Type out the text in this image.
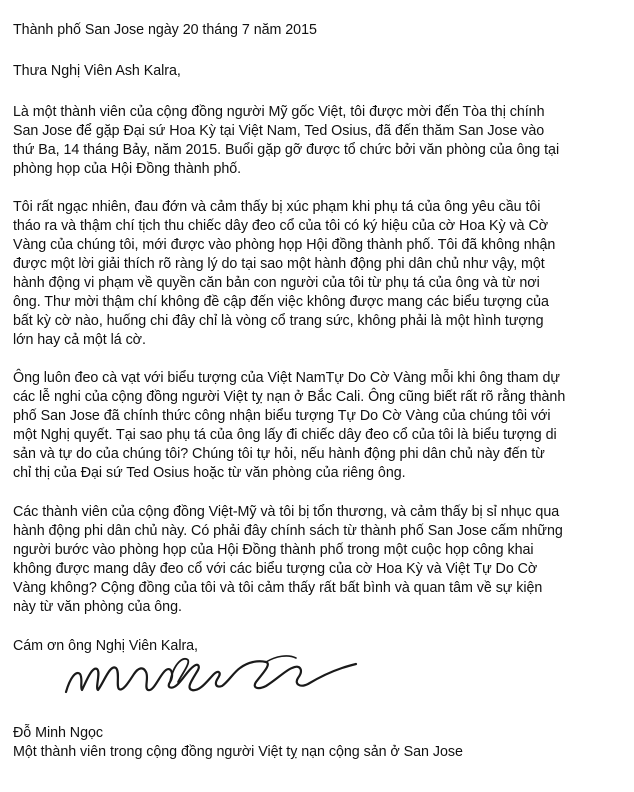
Thành phố San Jose ngày 20 tháng 7 năm 2015
Thưa Nghị Viên Ash Kalra,
Là một thành viên của cộng đồng người Mỹ gốc Việt, tôi được mời đến Tòa thị chính
San Jose để gặp Đại sứ Hoa Kỳ tại Việt Nam, Ted Osius, đã đến thăm San Jose vào
thứ Ba, 14 tháng Bảy, năm 2015. Buổi gặp gỡ được tổ chức bởi văn phòng của ông tại
phòng họp của Hội Đồng thành phố.
Tôi rất ngạc nhiên, đau đớn và cảm thấy bị xúc phạm khi phụ tá của ông yêu cầu tôi
tháo ra và thậm chí tịch thu chiếc dây đeo cổ của tôi có ký hiệu của cờ Hoa Kỳ và Cờ
Vàng của chúng tôi, mới được vào phòng họp Hội đồng thành phố. Tôi đã không nhận
được một lời giải thích rõ ràng lý do tại sao một hành động phi dân chủ như vậy, một
hành động vi phạm về quyền căn bản con người của tôi từ phụ tá của ông và từ nơi
ông. Thư mời thậm chí không đề cập đến việc không được mang các biểu tượng của
bất kỳ cờ nào, huống chi đây chỉ là vòng cổ trang sức, không phải là một hình tượng
lớn hay cả một lá cờ.
Ông luôn đeo cà vạt với biểu tượng của Việt NamTự Do Cờ Vàng mỗi khi ông tham dự
các lễ nghi của cộng đồng người Việt tỵ nạn ở Bắc Cali. Ông cũng biết rất rõ rằng thành
phố San Jose đã chính thức công nhận biểu tượng Tự Do Cờ Vàng của chúng tôi với
một Nghị quyết. Tại sao phụ tá của ông lấy đi chiếc dây đeo cổ của tôi là biểu tượng di
sản và tự do của chúng tôi? Chúng tôi tự hỏi, nếu hành động phi dân chủ này đến từ
chỉ thị của Đại sứ Ted Osius hoặc từ văn phòng của riêng ông.
Các thành viên của cộng đồng Việt-Mỹ và tôi bị tổn thương, và cảm thấy bị sỉ nhục qua
hành động phi dân chủ này. Có phải đây chính sách từ thành phố San Jose cấm những
người bước vào phòng họp của Hội Đồng thành phố trong một cuộc họp công khai
không được mang dây đeo cổ với các biểu tượng của cờ Hoa Kỳ và Việt Tự Do Cờ
Vàng không? Cộng đồng của tôi và tôi cảm thấy rất bất bình và quan tâm về sự kiện
này từ văn phòng của ông.
Cám ơn ông Nghị Viên Kalra,
Đỗ Minh Ngọc
Một thành viên trong cộng đồng người Việt tỵ nạn cộng sản ở San Jose
